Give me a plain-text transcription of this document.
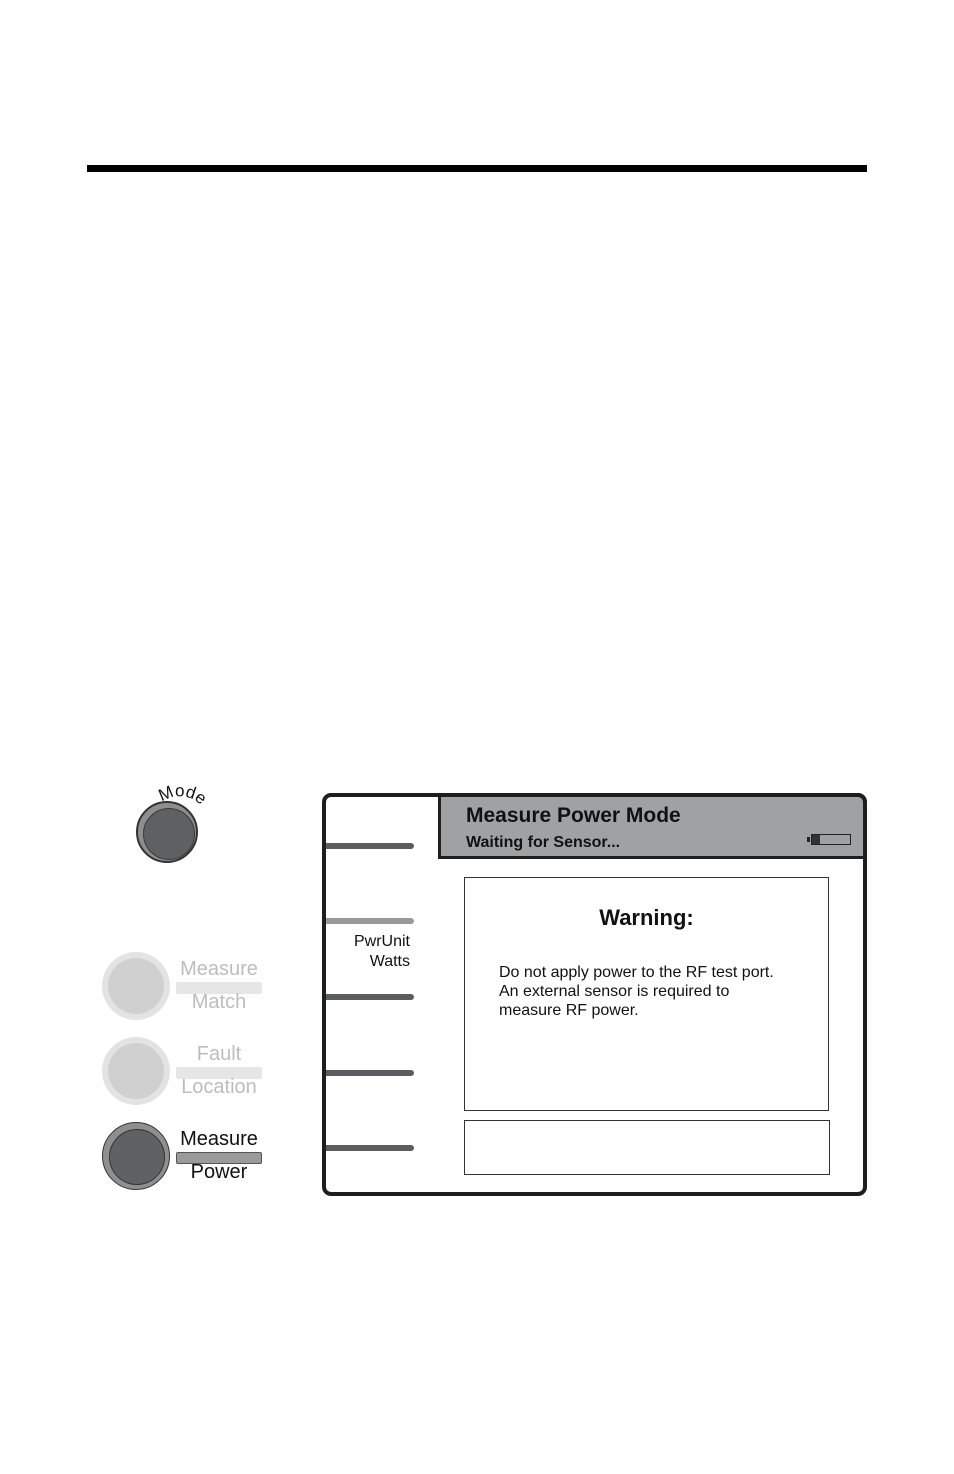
Mode
Measure
Match
Fault
Location
Measure
Power
PwrUnit
Watts
Measure Power Mode
Waiting for Sensor...
Warning:
Do not apply power to the RF test port.
An external sensor is required to
measure RF power.
